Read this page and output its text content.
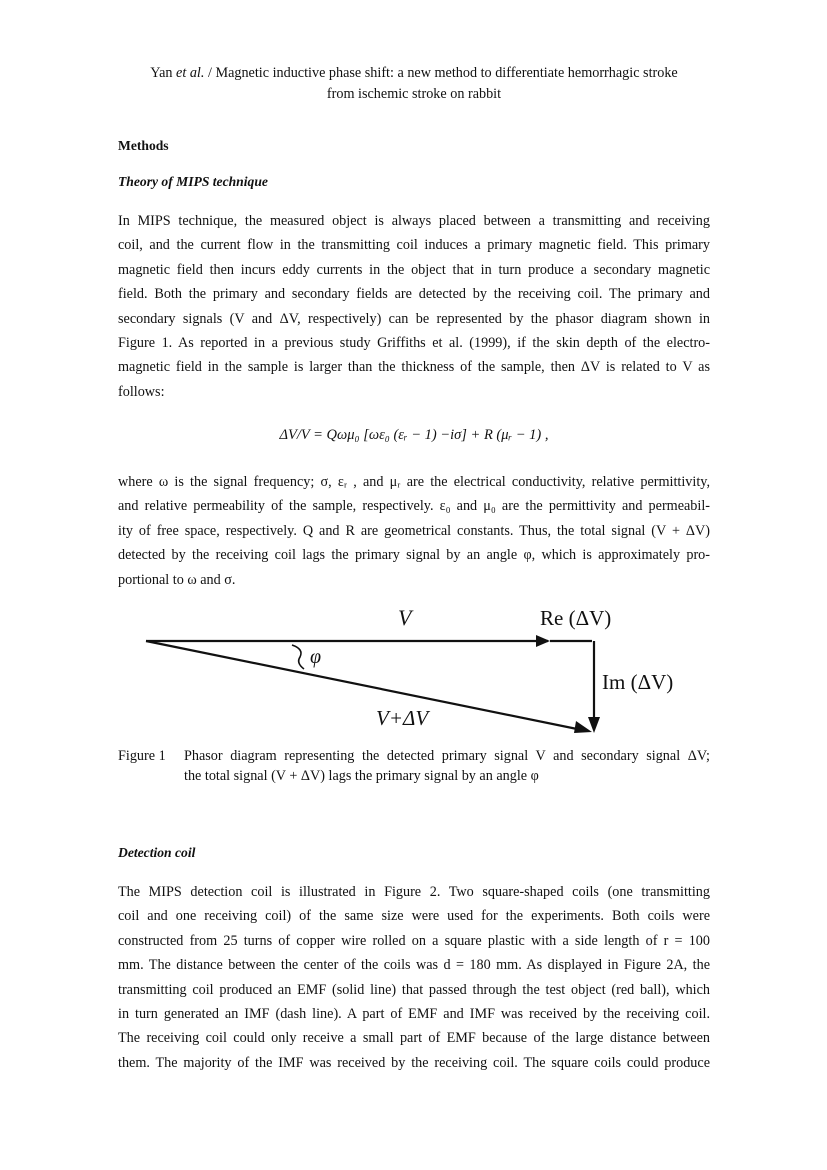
Yan et al. / Magnetic inductive phase shift: a new method to differentiate hemorrhagic stroke
from ischemic stroke on rabbit
Methods
Theory of MIPS technique
In MIPS technique, the measured object is always placed between a transmitting and receiving
coil, and the current flow in the transmitting coil induces a primary magnetic field. This primary
magnetic field then incurs eddy currents in the object that in turn produce a secondary magnetic
field. Both the primary and secondary fields are detected by the receiving coil. The primary and
secondary signals (V and ΔV, respectively) can be represented by the phasor diagram shown in
Figure 1. As reported in a previous study Griffiths et al. (1999), if the skin depth of the electro-
magnetic field in the sample is larger than the thickness of the sample, then ΔV is related to V as
follows:
ΔV/V = Qωμ₀ [ωε₀ (εᵣ − 1) −iσ] + R (μᵣ − 1) ,
where ω is the signal frequency; σ, εᵣ , and μᵣ are the electrical conductivity, relative permittivity,
and relative permeability of the sample, respectively. ε₀ and μ₀ are the permittivity and permeabil-
ity of free space, respectively. Q and R are geometrical constants. Thus, the total signal (V + ΔV)
detected by the receiving coil lags the primary signal by an angle φ, which is approximately pro-
portional to ω and σ.
V	Re (ΔV)
Im (ΔV)
V+ΔV
φ
Figure 1 Phasor diagram representing the detected primary signal V and secondary signal ΔV;
the total signal (V + ΔV) lags the primary signal by an angle φ
Detection coil
The MIPS detection coil is illustrated in Figure 2. Two square-shaped coils (one transmitting
coil and one receiving coil) of the same size were used for the experiments. Both coils were
constructed from 25 turns of copper wire rolled on a square plastic with a side length of r = 100
mm. The distance between the center of the coils was d = 180 mm. As displayed in Figure 2A, the
transmitting coil produced an EMF (solid line) that passed through the test object (red ball), which
in turn generated an IMF (dash line). A part of EMF and IMF was received by the receiving coil.
The receiving coil could only receive a small part of EMF because of the large distance between
them. The majority of the IMF was received by the receiving coil. The square coils could produce
